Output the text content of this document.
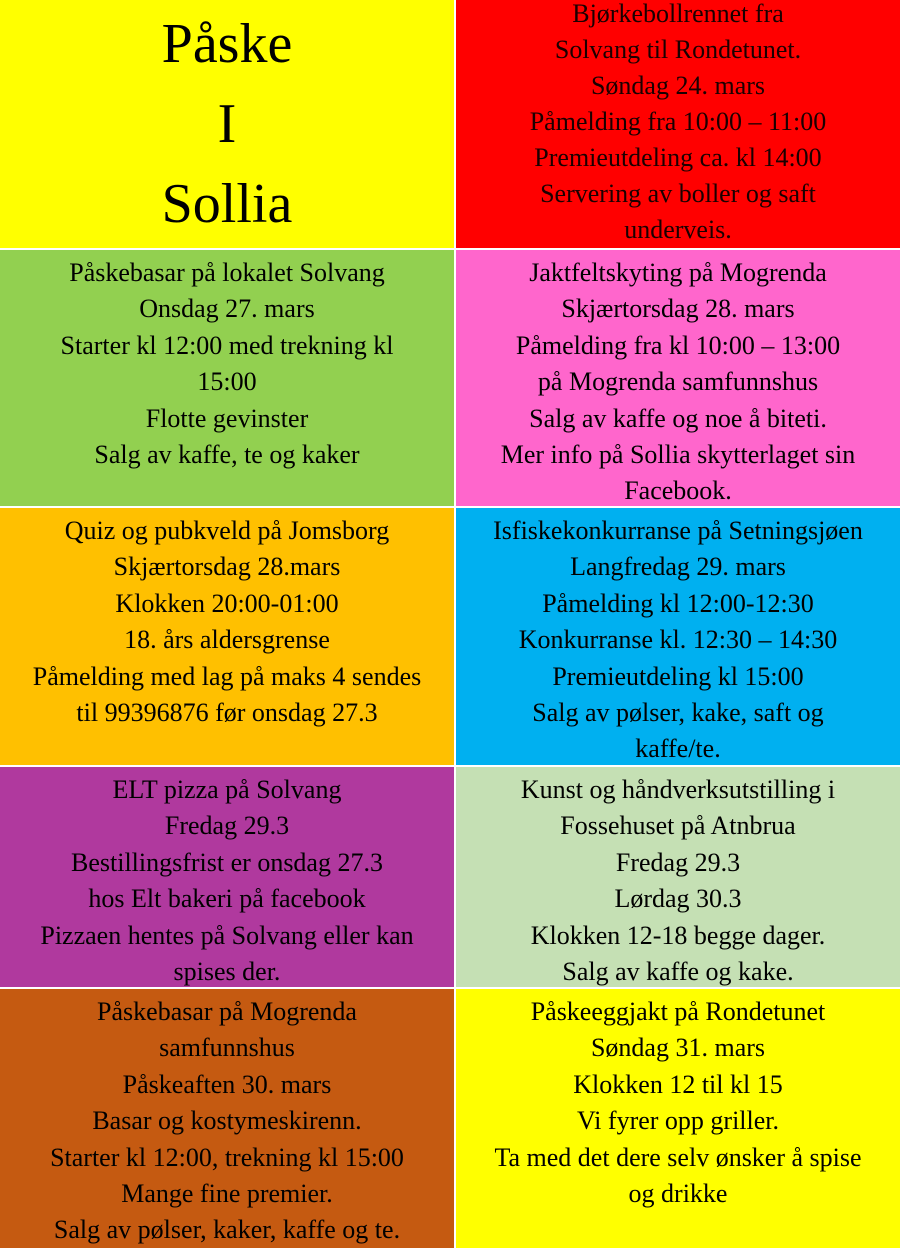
Påske
I
Sollia
Bjørkebollrennet fra
Solvang til Rondetunet.
Søndag 24. mars
Påmelding fra 10:00 – 11:00
Premieutdeling ca. kl 14:00
Servering av boller og saft
underveis.
Påskebasar på lokalet Solvang
Onsdag 27. mars
Starter kl 12:00 med trekning kl
15:00
Flotte gevinster
Salg av kaffe, te og kaker
Jaktfeltskyting på Mogrenda
Skjærtorsdag 28. mars
Påmelding fra kl 10:00 – 13:00
på Mogrenda samfunnshus
Salg av kaffe og noe å biteti.
Mer info på Sollia skytterlaget sin
Facebook.
Quiz og pubkveld på Jomsborg
Skjærtorsdag 28.mars
Klokken 20:00-01:00
18. års aldersgrense
Påmelding med lag på maks 4 sendes
til 99396876 før onsdag 27.3
Isfiskekonkurranse på Setningsjøen
Langfredag 29. mars
Påmelding kl 12:00-12:30
Konkurranse kl. 12:30 – 14:30
Premieutdeling kl 15:00
Salg av pølser, kake, saft og
kaffe/te.
ELT pizza på Solvang
Fredag 29.3
Bestillingsfrist er onsdag 27.3
hos Elt bakeri på facebook
Pizzaen hentes på Solvang eller kan
spises der.
Kunst og håndverksutstilling i
Fossehuset på Atnbrua
Fredag 29.3
Lørdag 30.3
Klokken 12-18 begge dager.
Salg av kaffe og kake.
Påskebasar på Mogrenda
samfunnshus
Påskeaften 30. mars
Basar og kostymeskirenn.
Starter kl 12:00, trekning kl 15:00
Mange fine premier.
Salg av pølser, kaker, kaffe og te.
Påskeeggjakt på Rondetunet
Søndag 31. mars
Klokken 12 til kl 15
Vi fyrer opp griller.
Ta med det dere selv ønsker å spise
og drikke
